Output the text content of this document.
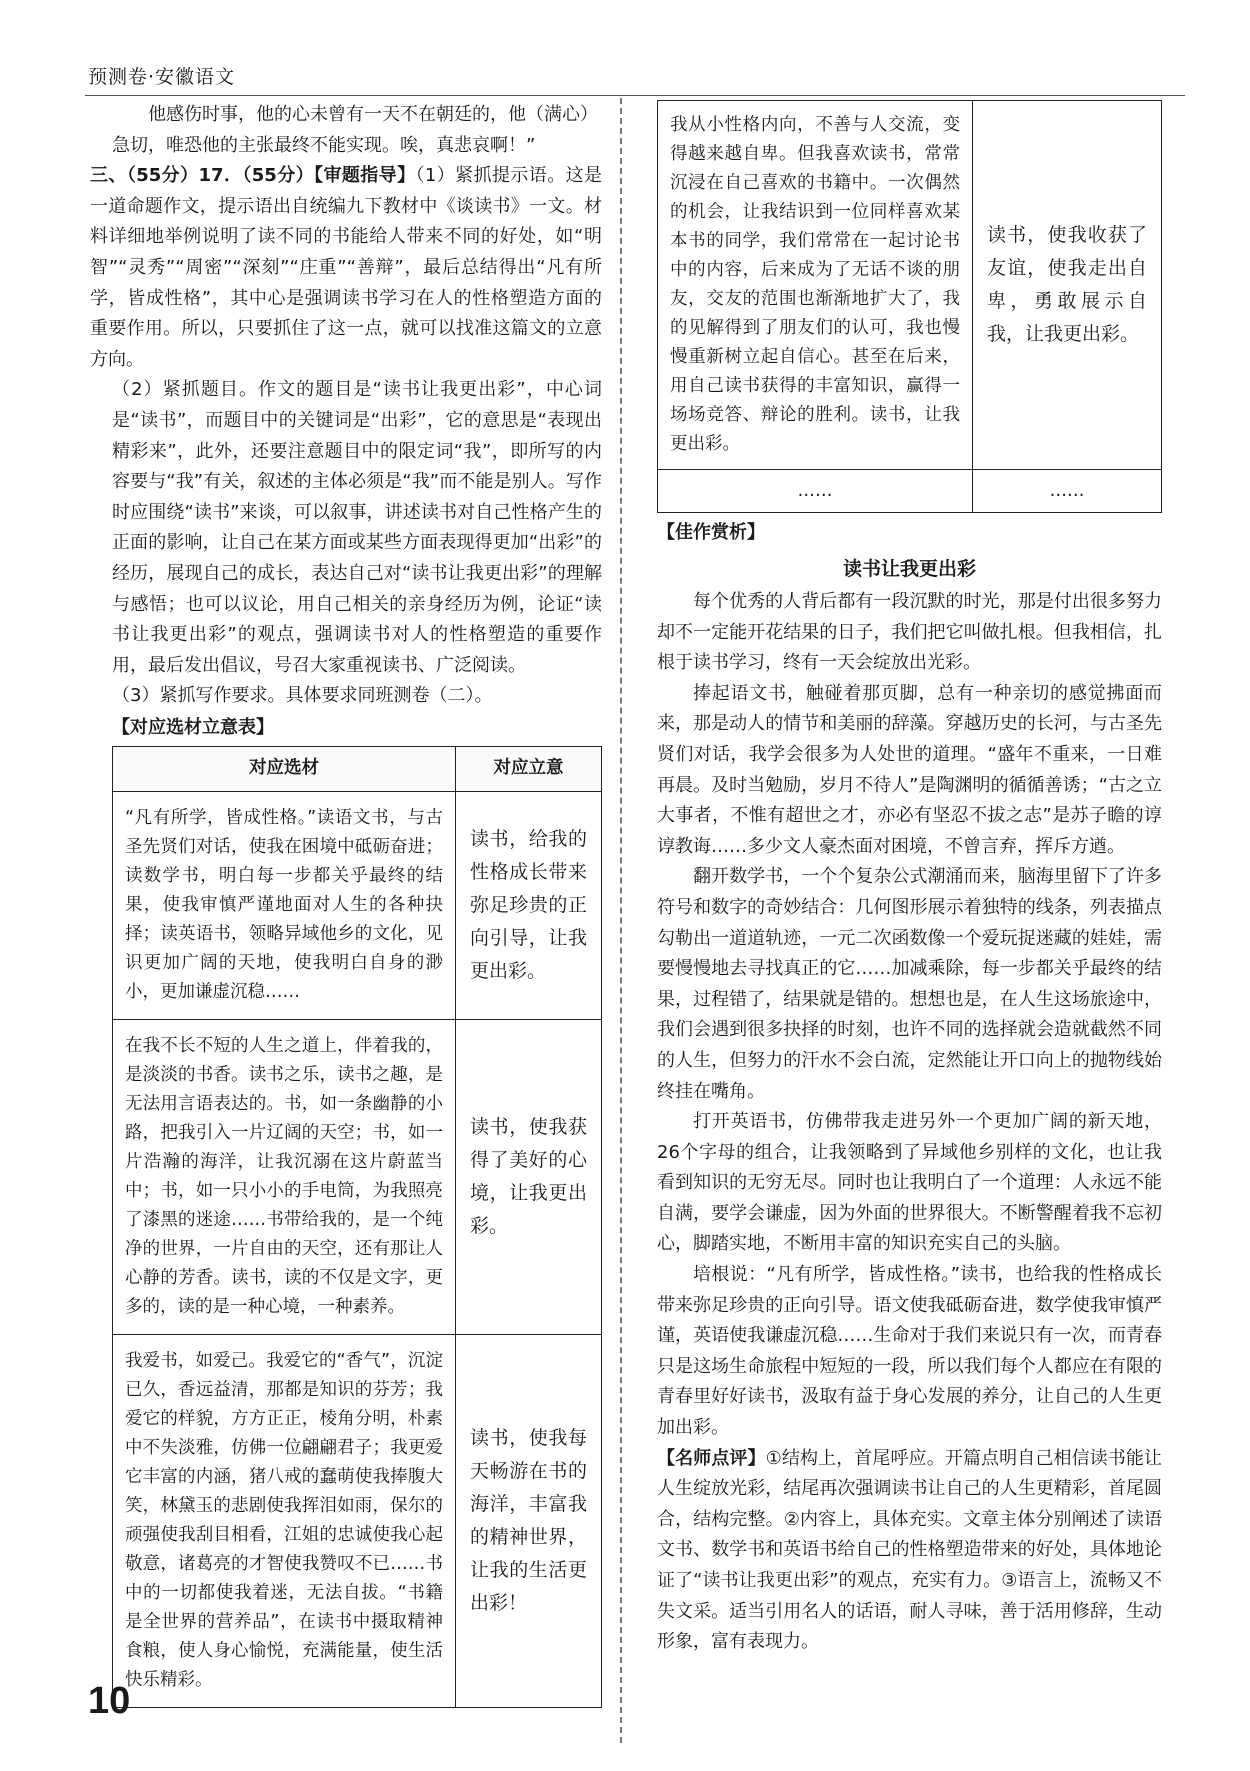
预测卷·安徽语文

他感伤时事，他的心未曾有一天不在朝廷的，他（满心）

急切，唯恐他的主张最终不能实现。唉，真悲哀啊！”

三、（55分）17．（55分）【审题指导】（1）紧抓提示语。这是一道命题作文，提示语出自统编九下教材中《谈读书》一文。材料详细地举例说明了读不同的书能给人带来不同的好处，如“明智”“灵秀”“周密”“深刻”“庄重”“善辩”，最后总结得出“凡有所学，皆成性格”，其中心是强调读书学习在人的性格塑造方面的重要作用。所以，只要抓住了这一点，就可以找准这篇文的立意方向。

（2）紧抓题目。作文的题目是“读书让我更出彩”，中心词是“读书”，而题目中的关键词是“出彩”，它的意思是“表现出精彩来”，此外，还要注意题目中的限定词“我”，即所写的内容要与“我”有关，叙述的主体必须是“我”而不能是别人。写作时应围绕“读书”来谈，可以叙事，讲述读书对自己性格产生的正面的影响，让自己在某方面或某些方面表现得更加“出彩”的经历，展现自己的成长，表达自己对“读书让我更出彩”的理解与感悟；也可以议论，用自己相关的亲身经历为例，论证“读书让我更出彩”的观点，强调读书对人的性格塑造的重要作用，最后发出倡议，号召大家重视读书、广泛阅读。

（3）紧抓写作要求。具体要求同班测卷（二）。

【对应选材立意表】
对应选材	对应立意
“凡有所学，皆成性格。”读语文书，与古圣先贤们对话，使我在困境中砥砺奋进；读数学书，明白每一步都关乎最终的结果，使我审慎严谨地面对人生的各种抉择；读英语书，领略异域他乡的文化，见识更加广阔的天地，使我明白自身的渺小，更加谦虚沉稳……	读书，给我的性格成长带来弥足珍贵的正向引导，让我更出彩。
在我不长不短的人生之道上，伴着我的，是淡淡的书香。读书之乐，读书之趣，是无法用言语表达的。书，如一条幽静的小路，把我引入一片辽阔的天空；书，如一片浩瀚的海洋，让我沉溺在这片蔚蓝当中；书，如一只小小的手电筒，为我照亮了漆黑的迷途……书带给我的，是一个纯净的世界，一片自由的天空，还有那让人心静的芳香。读书，读的不仅是文字，更多的，读的是一种心境，一种素养。	读书，使我获得了美好的心境，让我更出彩。
我爱书，如爱己。我爱它的“香气”，沉淀已久，香远益清，那都是知识的芬芳；我爱它的样貌，方方正正，棱角分明，朴素中不失淡雅，仿佛一位翩翩君子；我更爱它丰富的内涵，猪八戒的蠢萌使我捧腹大笑，林黛玉的悲剧使我挥泪如雨，保尔的顽强使我刮目相看，江姐的忠诚使我心起敬意，诸葛亮的才智使我赞叹不已……书中的一切都使我着迷，无法自拔。“书籍是全世界的营养品”，在读书中摄取精神食粮，使人身心愉悦，充满能量，使生活快乐精彩。	读书，使我每天畅游在书的海洋，丰富我的精神世界，让我的生活更出彩！
我从小性格内向，不善与人交流，变得越来越自卑。但我喜欢读书，常常沉浸在自己喜欢的书籍中。一次偶然的机会，让我结识到一位同样喜欢某本书的同学，我们常常在一起讨论书中的内容，后来成为了无话不谈的朋友，交友的范围也渐渐地扩大了，我的见解得到了朋友们的认可，我也慢慢重新树立起自信心。甚至在后来，用自己读书获得的丰富知识，赢得一场场竞答、辩论的胜利。读书，让我更出彩。	读书，使我收获了友谊，使我走出自卑，勇敢展示自我，让我更出彩。
……	……
【佳作赏析】
读书让我更出彩

每个优秀的人背后都有一段沉默的时光，那是付出很多努力却不一定能开花结果的日子，我们把它叫做扎根。但我相信，扎根于读书学习，终有一天会绽放出光彩。

捧起语文书，触碰着那页脚，总有一种亲切的感觉拂面而来，那是动人的情节和美丽的辞藻。穿越历史的长河，与古圣先贤们对话，我学会很多为人处世的道理。“盛年不重来，一日难再晨。及时当勉励，岁月不待人”是陶渊明的循循善诱；“古之立大事者，不惟有超世之才，亦必有坚忍不拔之志”是苏子瞻的谆谆教诲……多少文人豪杰面对困境，不曾言弃，挥斥方遒。

翻开数学书，一个个复杂公式潮涌而来，脑海里留下了许多符号和数字的奇妙结合：几何图形展示着独特的线条，列表描点勾勒出一道道轨迹，一元二次函数像一个爱玩捉迷藏的娃娃，需要慢慢地去寻找真正的它……加减乘除，每一步都关乎最终的结果，过程错了，结果就是错的。想想也是，在人生这场旅途中，我们会遇到很多抉择的时刻，也许不同的选择就会造就截然不同的人生，但努力的汗水不会白流，定然能让开口向上的抛物线始终挂在嘴角。

打开英语书，仿佛带我走进另外一个更加广阔的新天地，26个字母的组合，让我领略到了异域他乡别样的文化，也让我看到知识的无穷无尽。同时也让我明白了一个道理：人永远不能自满，要学会谦虚，因为外面的世界很大。不断警醒着我不忘初心，脚踏实地，不断用丰富的知识充实自己的头脑。

培根说：“凡有所学，皆成性格。”读书，也给我的性格成长带来弥足珍贵的正向引导。语文使我砥砺奋进，数学使我审慎严谨，英语使我谦虚沉稳……生命对于我们来说只有一次，而青春只是这场生命旅程中短短的一段，所以我们每个人都应在有限的青春里好好读书，汲取有益于身心发展的养分，让自己的人生更加出彩。

【名师点评】①结构上，首尾呼应。开篇点明自己相信读书能让人生绽放光彩，结尾再次强调读书让自己的人生更精彩，首尾圆合，结构完整。②内容上，具体充实。文章主体分别阐述了读语文书、数学书和英语书给自己的性格塑造带来的好处，具体地论证了“读书让我更出彩”的观点，充实有力。③语言上，流畅又不失文采。适当引用名人的话语，耐人寻味，善于活用修辞，生动形象，富有表现力。

10
